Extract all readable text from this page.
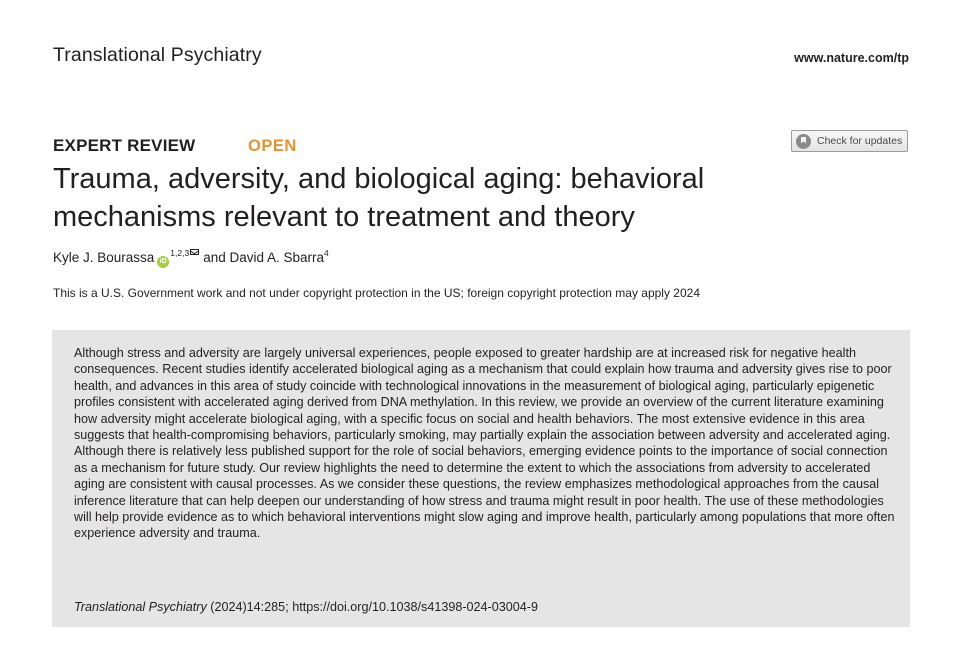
Translational Psychiatry	www.nature.com/tp
EXPERT REVIEW	OPEN	Check for updates
Trauma, adversity, and biological aging: behavioral mechanisms relevant to treatment and theory
Kyle J. Bourassa iD
1,2,3 and
David A. Sbarra 4
This is a U.S. Government work and not under copyright protection in the US; foreign copyright protection may apply 2024

Although stress and adversity are largely universal experiences, people exposed to greater hardship are at increased risk for negative health consequences. Recent studies identify accelerated biological aging as a mechanism that could explain how trauma and adversity gives rise to poor health, and advances in this area of study coincide with technological innovations in the measurement of biological aging, particularly epigenetic profiles consistent with accelerated aging derived from DNA methylation. In this review, we provide an overview of the current literature examining how adversity might accelerate biological aging, with a specific focus on social and health behaviors. The most extensive evidence in this area suggests that health-compromising behaviors, particularly smoking, may partially explain the association between adversity and accelerated aging. Although there is relatively less published support for the role of social behaviors, emerging evidence points to the importance of social connection as a mechanism for future study. Our review highlights the need to determine the extent to which the associations from adversity to accelerated aging are consistent with causal processes. As we consider these questions, the review emphasizes methodological approaches from the causal inference literature that can help deepen our understanding of how stress and trauma might result in poor health. The use of these methodologies will help provide evidence as to which behavioral interventions might slow aging and improve health, particularly among populations that more often experience adversity and trauma.

Translational Psychiatry (2024)14:285; https://doi.org/10.1038/s41398-024-03004-9
